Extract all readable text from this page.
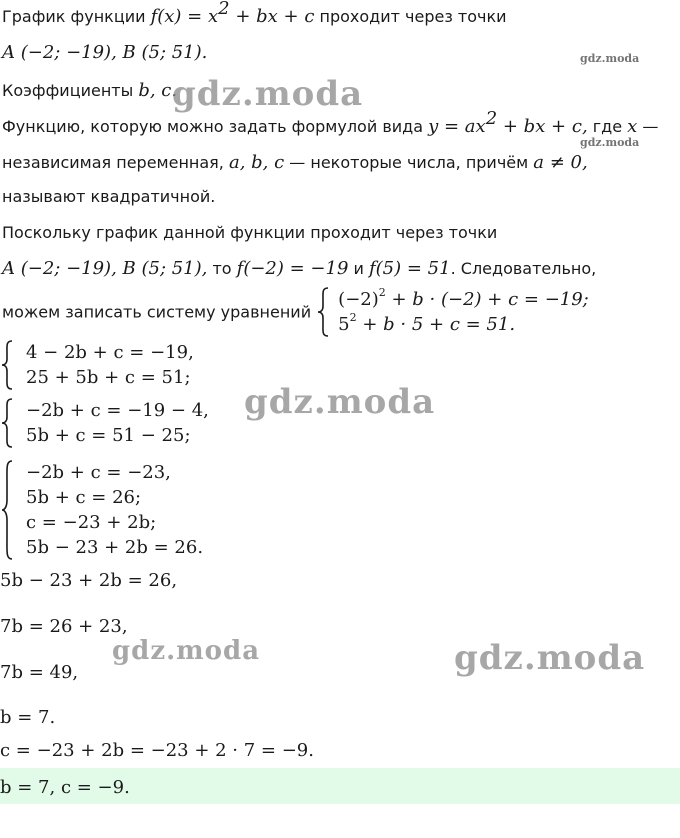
График функции $f(x) = x^2$ + bx + c проходит через точки
A (−2; −19), B (5; 51).
Коэффициенты b, c.
Функцию, которую можно задать формулой вида $y = ax^2$ + bx + c, где x —
независимая переменная, a, b, c — некоторые числа, причём a ≠ 0,
называют квадратичной.
Поскольку график данной функции проходит через точки
A (−2; −19), B (5; 51), то f(−2) = −19 и f(5) = 51. Следовательно,
можем записать систему уравнений
$(-2)^2 + b \cdot (-2) + c = -19$;
$5^2 + b \cdot 5 + c = 51$.
4 − 2b + c = −19,
25 + 5b + c = 51;
−2b + c = −19 − 4,
5b + c = 51 − 25;
−2b + c = −23,
5b + c = 26;
c = −23 + 2b;
5b − 23 + 2b = 26.
5b − 23 + 2b = 26,
7b = 26 + 23,
7b = 49,
b = 7.
c = −23 + 2b = −23 + 2 · 7 = −9.
b = 7, c = −9.
gdz.moda
gdz.moda
gdz.moda
gdz.moda
gdz.moda	gdz.moda
